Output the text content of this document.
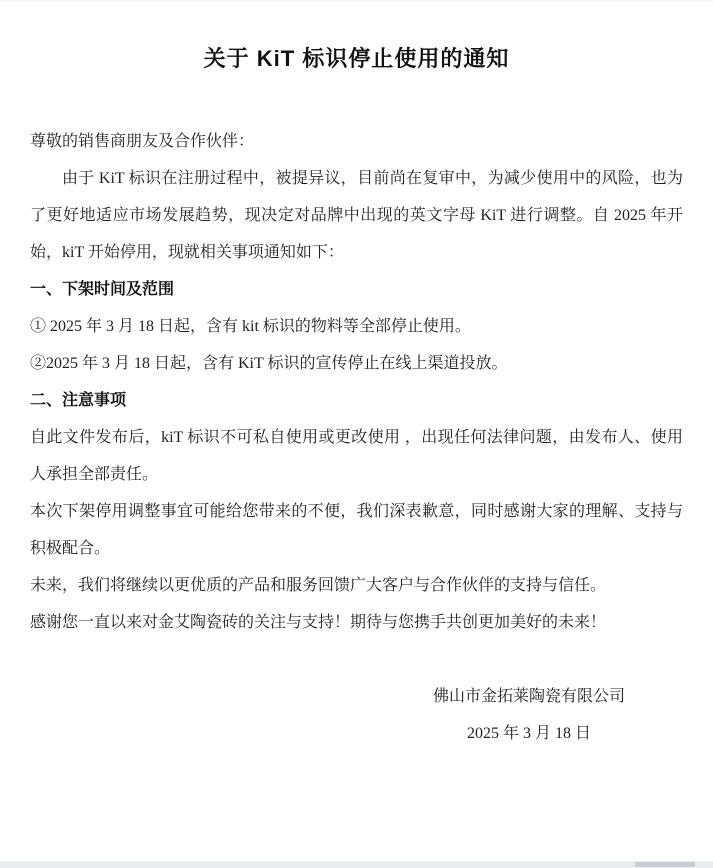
关于 KiT 标识停止使用的通知
尊敬的销售商朋友及合作伙伴：

由于 KiT 标识在注册过程中，被提异议，目前尚在复审中，为减少使用中的风险，也为了更好地适应市场发展趋势，现决定对品牌中出现的英文字母 KiT 进行调整。自 2025 年开始，kiT 开始停用，现就相关事项通知如下：

一、下架时间及范围

① 2025 年 3 月 18 日起，含有 kit 标识的物料等全部停止使用。

②2025 年 3 月 18 日起，含有 KiT 标识的宣传停止在线上渠道投放。

二、注意事项

自此文件发布后，kiT 标识不可私自使用或更改使用 ，出现任何法律问题，由发布人、使用人承担全部责任。

本次下架停用调整事宜可能给您带来的不便，我们深表歉意，同时感谢大家的理解、支持与积极配合。

未来，我们将继续以更优质的产品和服务回馈广大客户与合作伙伴的支持与信任。

感谢您一直以来对金艾陶瓷砖的关注与支持！期待与您携手共创更加美好的未来！

佛山市金拓莱陶瓷有限公司
2025 年 3 月 18 日
